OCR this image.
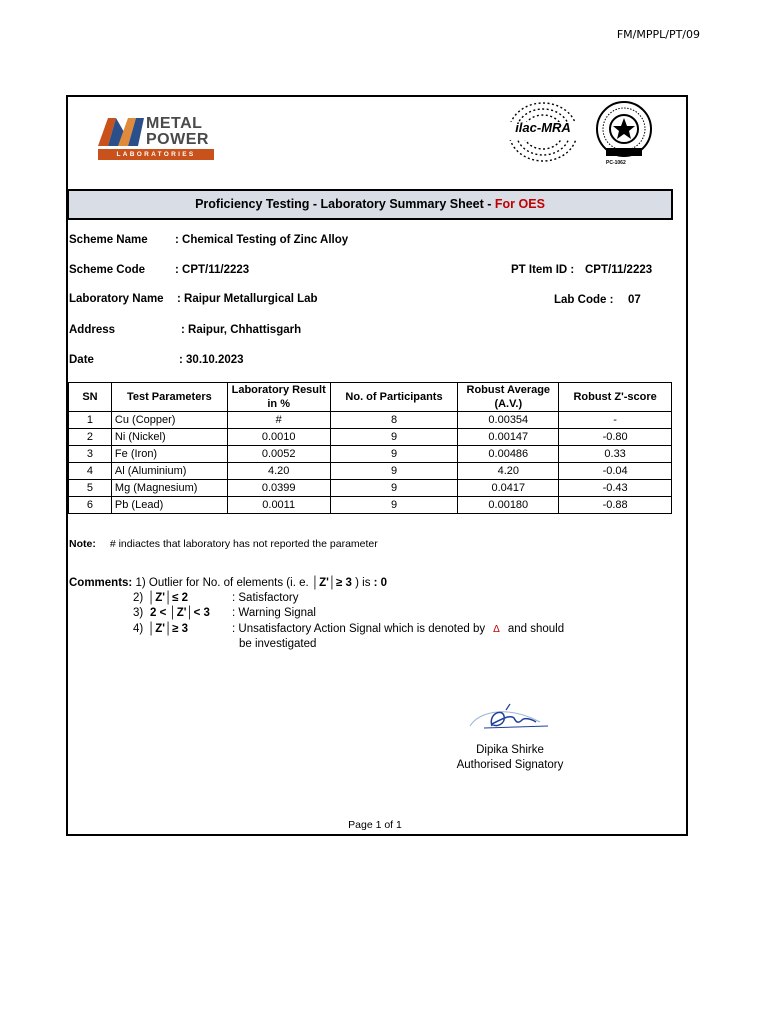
FM/MPPL/PT/09
METAL
POWER
LABORATORIES
ilac-MRA
PC-1062
Proficiency Testing - Laboratory Summary Sheet - For OES
Scheme Name : Chemical Testing of Zinc Alloy
Scheme Code	: CPT/11/2223	PT Item ID : CPT/11/2223
Laboratory Name : Raipur Metallurgical Lab	Lab Code : 07
Address	: Raipur, Chhattisgarh
Date	: 30.10.2023
SN	Test Parameters	Laboratory Result in %	No. of Participants	Robust Average (A.V.)	Robust Z'-score
1	Cu (Copper)	#	8	0.00354	-
2	Ni (Nickel)	0.0010	9	0.00147	-0.80
3	Fe (Iron)	0.0052	9	0.00486	0.33
4	Al (Aluminium)	4.20	9	4.20	-0.04
5	Mg (Magnesium)	0.0399	9	0.0417	-0.43
6	Pb (Lead)	0.0011	9	0.00180	-0.88
Note: # indiactes that laboratory has not reported the parameter
Comments: 1) Outlier for No. of elements (i. e. │Z'│≥ 3 ) is : 0
2) │Z'│≤ 2	: Satisfactory
3) 2 < │Z'│< 3 : Warning Signal
4) │Z'│≥ 3	: Unsatisfactory Action Signal which is denoted by Δ and should
be investigated
Dipika Shirke
Authorised Signatory
Page 1 of 1
